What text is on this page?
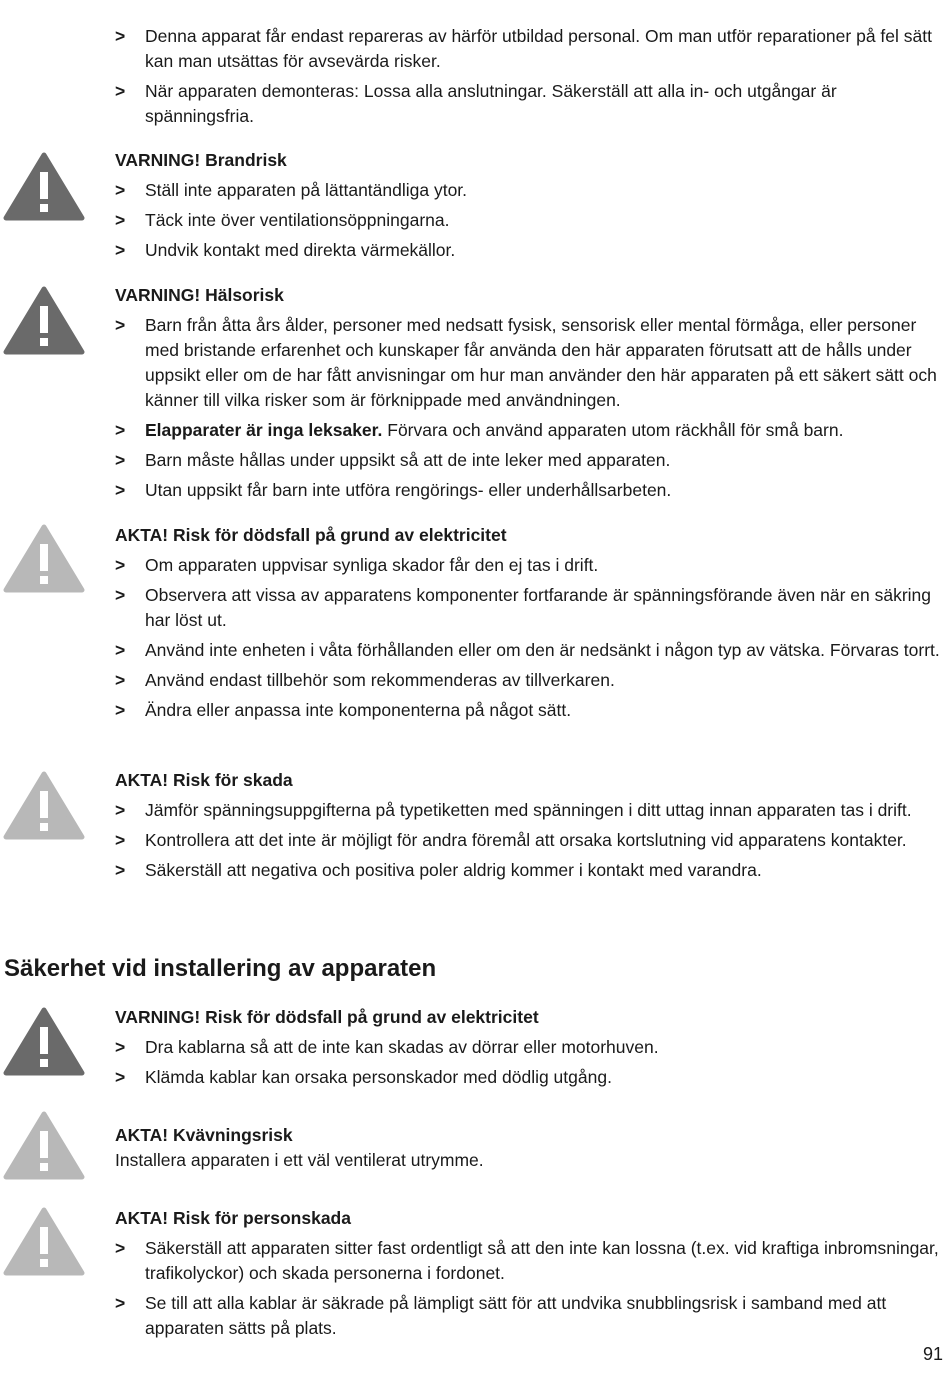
> Denna apparat får endast repareras av härför utbildad personal. Om man utför reparationer på fel sätt kan man utsättas för avsevärda risker.
> När apparaten demonteras: Lossa alla anslutningar. Säkerställ att alla in- och utgångar är spänningsfria.
VARNING! Brandrisk
> Ställ inte apparaten på lättantändliga ytor.
> Täck inte över ventilationsöppningarna.
> Undvik kontakt med direkta värmekällor.
VARNING! Hälsorisk
> Barn från åtta års ålder, personer med nedsatt fysisk, sensorisk eller mental förmåga, eller personer med bristande erfarenhet och kunskaper får använda den här apparaten förutsatt att de hålls under uppsikt eller om de har fått anvisningar om hur man använder den här apparaten på ett säkert sätt och känner till vilka risker som är förknippade med användningen.
> Elapparater är inga leksaker. Förvara och använd apparaten utom räckhåll för små barn.
> Barn måste hållas under uppsikt så att de inte leker med apparaten.
> Utan uppsikt får barn inte utföra rengörings- eller underhållsarbeten.
AKTA! Risk för dödsfall på grund av elektricitet
> Om apparaten uppvisar synliga skador får den ej tas i drift.
> Observera att vissa av apparatens komponenter fortfarande är spänningsförande även när en säkring har löst ut.
> Använd inte enheten i våta förhållanden eller om den är nedsänkt i någon typ av vätska. Förvaras torrt.
> Använd endast tillbehör som rekommenderas av tillverkaren.
> Ändra eller anpassa inte komponenterna på något sätt.
AKTA! Risk för skada
> Jämför spänningsuppgifterna på typetiketten med spänningen i ditt uttag innan apparaten tas i drift.
> Kontrollera att det inte är möjligt för andra föremål att orsaka kortslutning vid apparatens kontakter.
> Säkerställ att negativa och positiva poler aldrig kommer i kontakt med varandra.
Säkerhet vid installering av apparaten
VARNING! Risk för dödsfall på grund av elektricitet
> Dra kablarna så att de inte kan skadas av dörrar eller motorhuven.
> Klämda kablar kan orsaka personskador med dödlig utgång.
AKTA! Kvävningsrisk

Installera apparaten i ett väl ventilerat utrymme.

AKTA! Risk för personskada
> Säkerställ att apparaten sitter fast ordentligt så att den inte kan lossna (t.ex. vid kraftiga inbromsningar, trafikolyckor) och skada personerna i fordonet.
> Se till att alla kablar är säkrade på lämpligt sätt för att undvika snubblingsrisk i samband med att apparaten sätts på plats.
91
